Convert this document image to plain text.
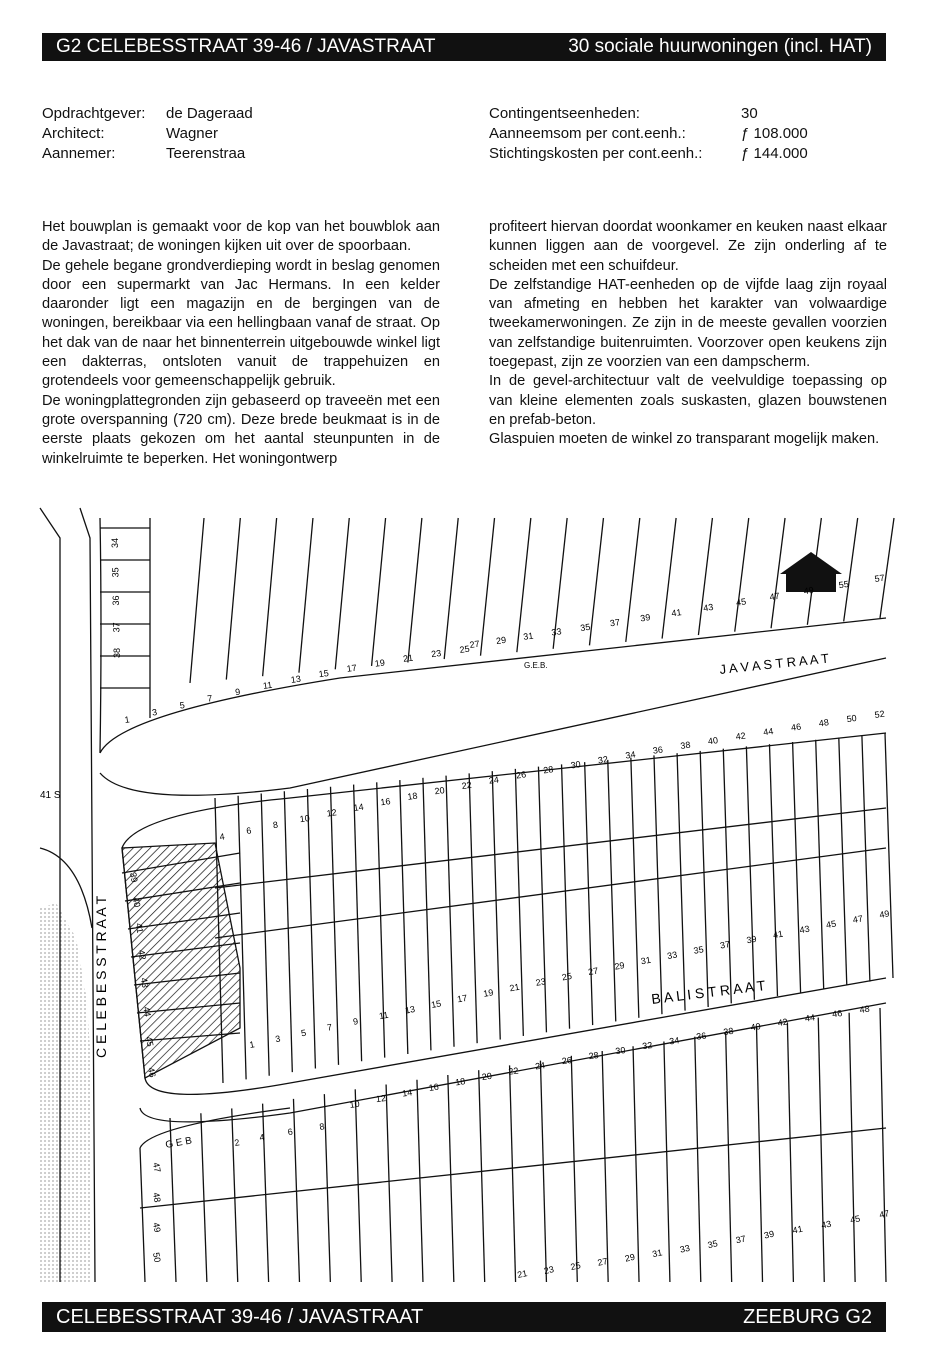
G2 CELEBESSTRAAT 39-46 / JAVASTRAAT	30 sociale huurwoningen (incl. HAT)
Opdrachtgever:	de Dageraad
Architect:	Wagner
Aannemer:	Teerenstraa
Contingentseenheden:	30
Aanneemsom per cont.eenh.:	ƒ 108.000
Stichtingskosten per cont.eenh.:	ƒ 144.000

Het bouwplan is gemaakt voor de kop van het bouwblok aan de Javastraat; de woningen kijken uit over de spoorbaan.

De gehele begane grondverdieping wordt in beslag genomen door een supermarkt van Jac Hermans. In een kelder daaronder ligt een magazijn en de bergingen van de woningen, bereikbaar via een hellingbaan vanaf de straat. Op het dak van de naar het binnenterrein uitgebouwde winkel ligt een dakterras, ontsloten vanuit de trappehuizen en grotendeels voor gemeenschappelijk gebruik.

De woningplattegronden zijn gebaseerd op traveeën met een grote overspanning (720 cm). Deze brede beukmaat is in de eerste plaats gekozen om het aantal steunpunten in de winkelruimte te beperken. Het woningontwerp

profiteert hiervan doordat woonkamer en keuken naast elkaar kunnen liggen aan de voorgevel. Ze zijn onderling af te scheiden met een schuifdeur.

De zelfstandige HAT-eenheden op de vijfde laag zijn royaal van afmeting en hebben het karakter van volwaardige tweekamerwoningen. Ze zijn in de meeste gevallen voorzien van zelfstandige buitenruimten. Voorzover open keukens zijn toegepast, zijn ze voorzien van een dampscherm.

In de gevel-architectuur valt de veelvuldige toepassing op van kleine elementen zoals suskasten, glazen bouwstenen en prefab-beton.

Glaspuien moeten de winkel zo transparant mogelijk maken.

27 29 31 33 35 37 39 41 43 45 47
49
55
57
1
3
5
7
9
11
13
15 17 19 21 23 25
34
35
36
37
38
4
6
8
10
12 14 16 18 20 22 24 26 28 30 32 34 36 38 40 42 44 46 48 50 52
1
3
5
7
9
11 13 15 17 19 21 23 25 27 29 31 33 35 37 39 41 43 45 47 49
39
40
41
42
43
44
45
46
10
12
14 16 18 20 22 24 26 28 30 32 34 36 38 40 42 44 46 48
2 4
6	8
47
48
49
50
21 23 25 27 29 31 33 35 37 39 41 43 45 47
J A V A S T R A A T
B A L I S T R A A T
C E L E B E S S T R A A T
G.E.B.
G E B
41 S
CELEBESSTRAAT 39-46 / JAVASTRAAT	ZEEBURG G2
